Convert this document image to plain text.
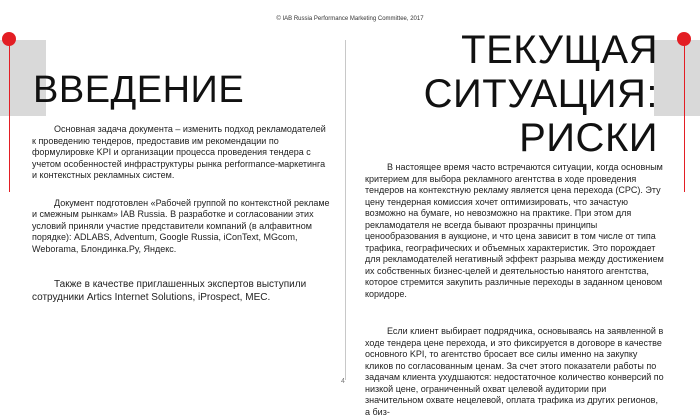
© IAB Russia Performance Marketing Committee, 2017
ВВЕДЕНИЕ

Основная задача документа – изменить подход рекламодателей к проведению тендеров, предоставив им рекомендации по формулировке KPI и организации процесса проведения тендера с учетом особенностей инфраструктуры рынка performance-маркетинга и контекстных рекламных систем.

Документ подготовлен «Рабочей группой по контекстной рекламе и смежным рынкам» IAB Russia. В разработке и согласовании этих условий приняли участие представители компаний (в алфавитном порядке): ADLABS, Adventum, Google Russia, iConText, MGcom, Weborama, Блондинка.Ру, Яндекс.

Также в качестве приглашенных экспертов выступили сотрудники Artics Internet Solutions, iProspect, MEC.

ТЕКУЩАЯ
СИТУАЦИЯ:
РИСКИ

В настоящее время часто встречаются ситуации, когда основным критерием для выбора рекламного агентства в ходе проведения тендеров на контекстную рекламу является цена перехода (CPC). Эту цену тендерная комиссия хочет оптимизировать, что зачастую возможно на бумаге, но невозможно на практике. При этом для рекламодателя не всегда бывают прозрачны принципы ценообразования в аукционе, и что цена зависит в том числе от типа трафика, географических и объемных характеристик. Это порождает для рекламодателей негативный эффект разрыва между достижением их собственных бизнес-целей и деятельностью нанятого агентства, которое стремится закупить различные переходы в заданном ценовом коридоре.

Если клиент выбирает подрядчика, основываясь на заявленной в ходе тендера цене перехода, и это фиксируется в договоре в качестве основного KPI, то агентство бросает все силы именно на закупку кликов по согласованным ценам. За счет этого показатели работы по задачам клиента ухудшаются: недостаточное количество конверсий по низкой цене, ограниченный охват целевой аудитории при значительном охвате нецелевой, оплата трафика из других регионов, а биз-

4
